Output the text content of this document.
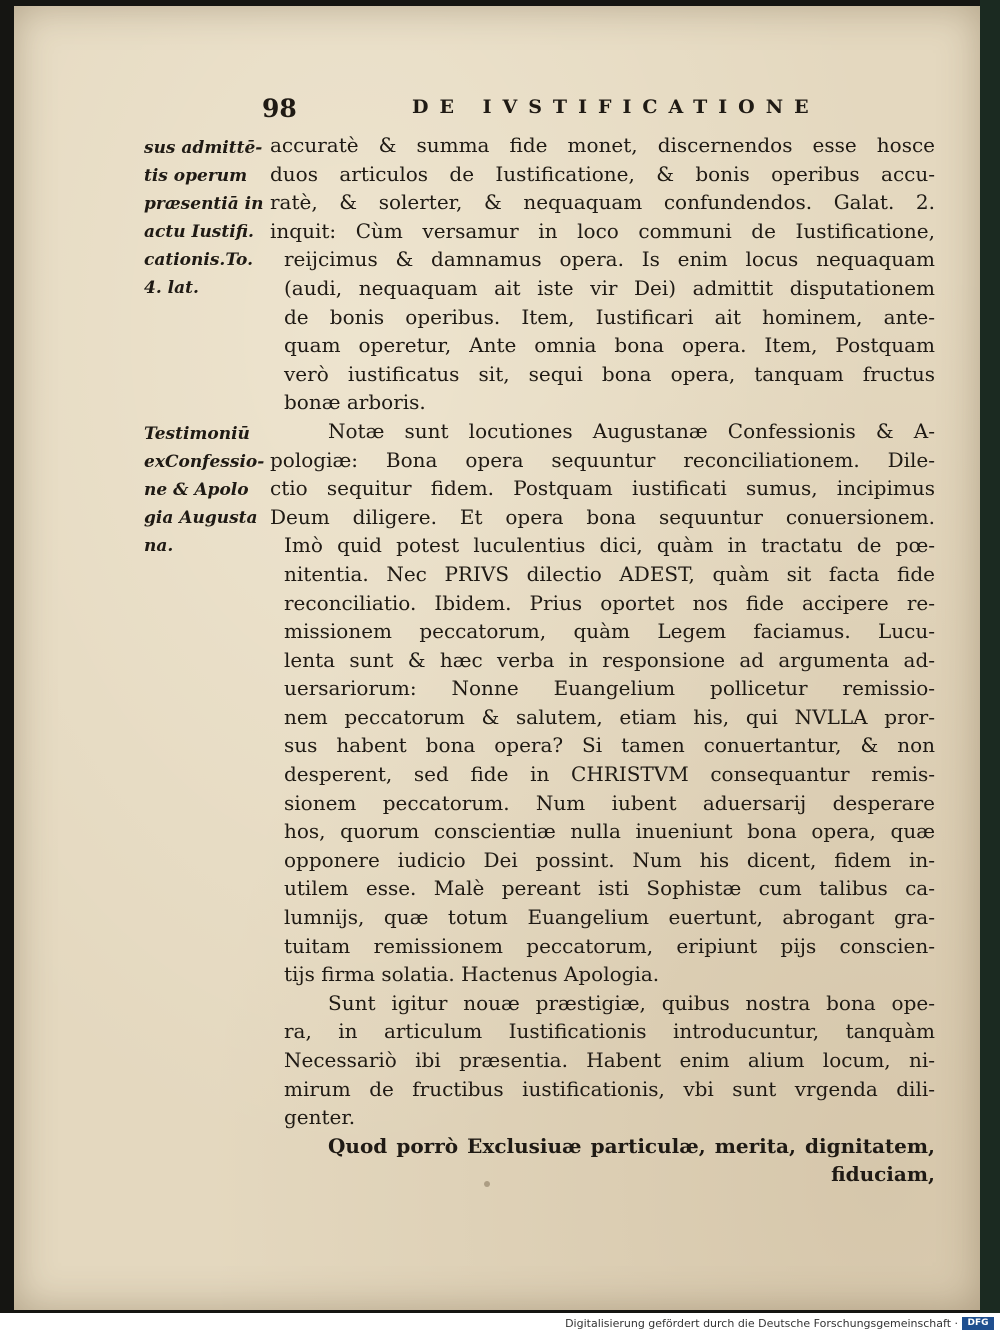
98	DE IVSTIFICATIONE
sus admittē-
tis operum
præsentiā in
actu Iustifi.
cationis.To.
4. lat.
Testimoniū
exConfessio-
ne & Apolo
gia Augusta
na.
accuratè & summa fide monet, discernendos esse hosce
duos articulos de Iustificatione, & bonis operibus accu-
ratè, & solerter, & nequaquam confundendos. Galat. 2.
inquit: Cùm versamur in loco communi de Iustificatione,
reijcimus & damnamus opera. Is enim locus nequaquam
(audi, nequaquam ait iste vir Dei) admittit disputationem
de bonis operibus. Item, Iustificari ait hominem, ante-
quam operetur, Ante omnia bona opera. Item, Postquam
verò iustificatus sit, sequi bona opera, tanquam fructus
bonæ arboris.
Notæ sunt locutiones Augustanæ Confessionis & A-
pologiæ: Bona opera sequuntur reconciliationem. Dile-
ctio sequitur fidem. Postquam iustificati sumus, incipimus
Deum diligere. Et opera bona sequuntur conuersionem.
Imò quid potest luculentius dici, quàm in tractatu de pœ-
nitentia. Nec PRIVS dilectio ADEST, quàm sit facta fide
reconciliatio. Ibidem. Prius oportet nos fide accipere re-
missionem peccatorum, quàm Legem faciamus. Lucu-
lenta sunt & hæc verba in responsione ad argumenta ad-
uersariorum: Nonne Euangelium pollicetur remissio-
nem peccatorum & salutem, etiam his, qui NVLLA pror-
sus habent bona opera? Si tamen conuertantur, & non
desperent, sed fide in CHRISTVM consequantur remis-
sionem peccatorum. Num iubent aduersarij desperare
hos, quorum conscientiæ nulla inueniunt bona opera, quæ
opponere iudicio Dei possint. Num his dicent, fidem in-
utilem esse. Malè pereant isti Sophistæ cum talibus ca-
lumnijs, quæ totum Euangelium euertunt, abrogant gra-
tuitam remissionem peccatorum, eripiunt pijs conscien-
tijs firma solatia. Hactenus Apologia.
Sunt igitur nouæ præstigiæ, quibus nostra bona ope-
ra, in articulum Iustificationis introducuntur, tanquàm
Necessariò ibi præsentia. Habent enim alium locum, ni-
mirum de fructibus iustificationis, vbi sunt vrgenda dili-
genter.
Quod porrò Exclusiuæ particulæ, merita, dignitatem,
fiduciam,
Digitalisierung gefördert durch die Deutsche Forschungsgemeinschaft ·	DFG
